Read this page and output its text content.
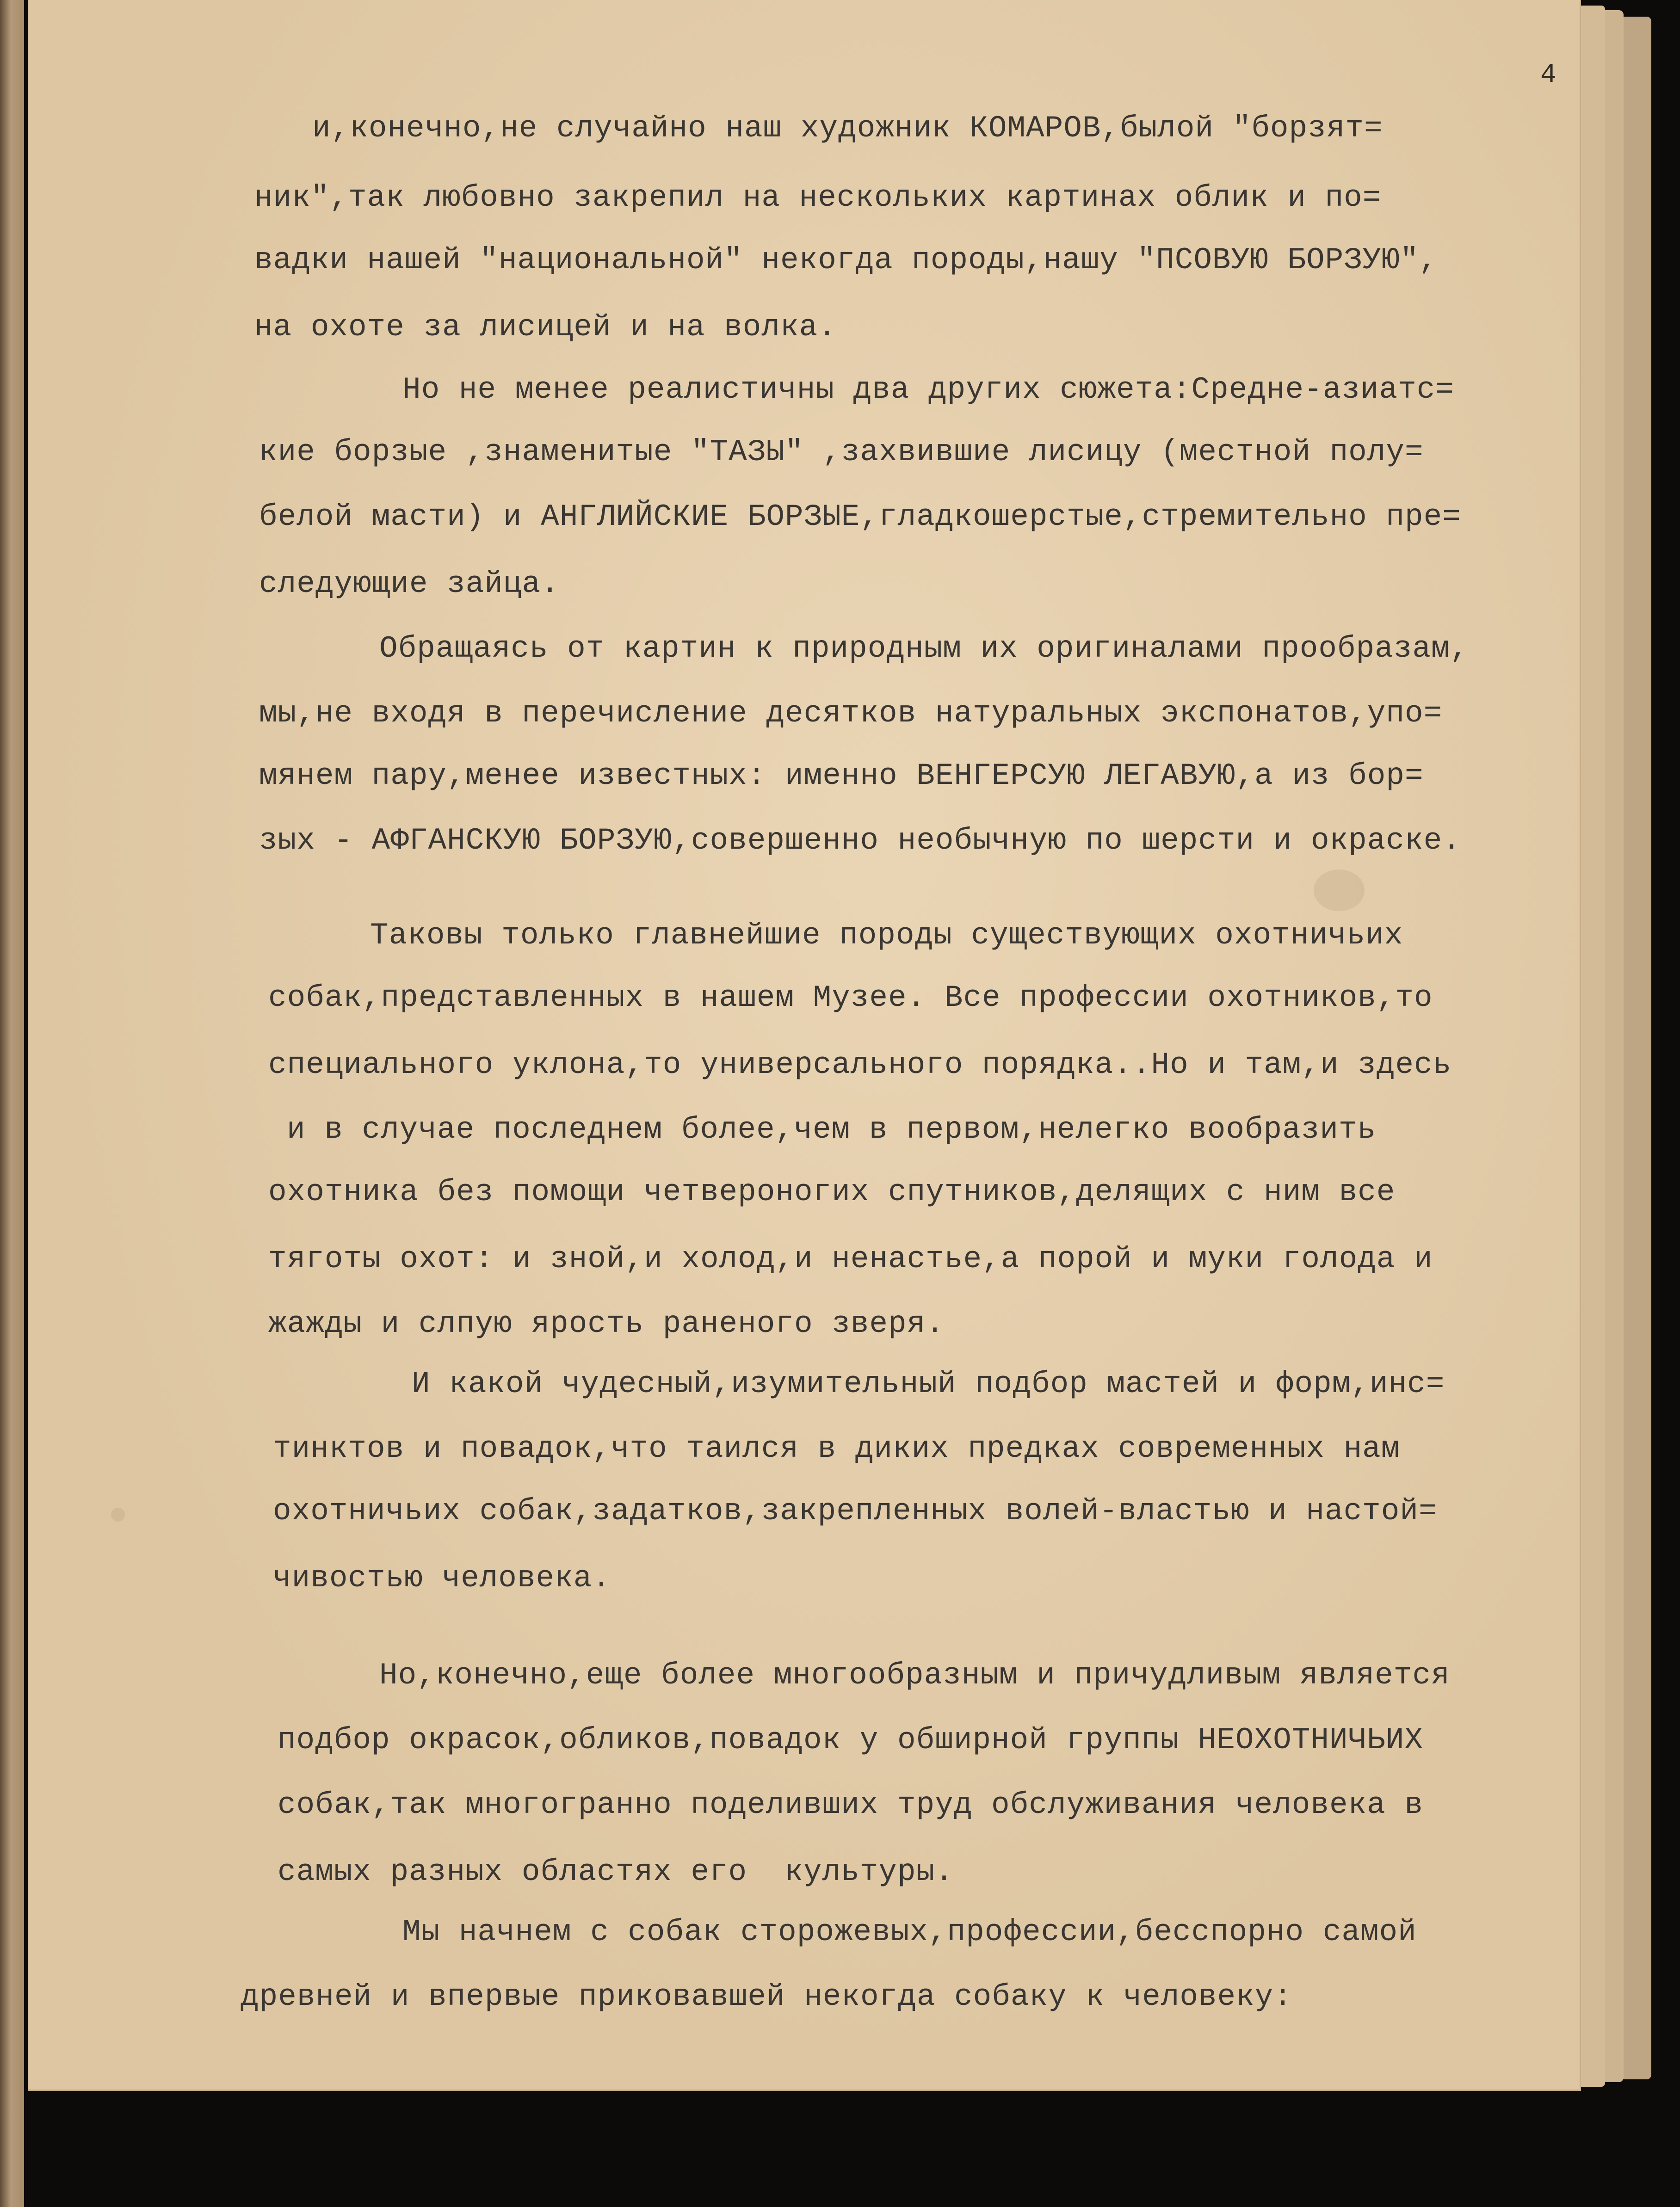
4

и,конечно,не случайно наш художник КОМАРОВ,былой "борзят=

ник",так любовно закрепил на нескольких картинах облик и по=

вадки нашей "национальной" некогда породы,нашу "ПСОВУЮ БОРЗУЮ",

на охоте за лисицей и на волка.

Но не менее реалистичны два других сюжета:Средне-азиатс=

кие борзые ,знаменитые "ТАЗЫ" ,захвившие лисицу (местной полу=

белой масти) и АНГЛИЙСКИЕ БОРЗЫЕ,гладкошерстые,стремительно пре=

следующие зайца.

Обращаясь от картин к природным их оригиналами прообразам,

мы,не входя в перечисление десятков натуральных экспонатов,упо=

мянем пару,менее известных: именно ВЕНГЕРСУЮ ЛЕГАВУЮ,а из бор=

зых - АФГАНСКУЮ БОРЗУЮ,совершенно необычную по шерсти и окраске.

Таковы только главнейшие породы существующих охотничьих

собак,представленных в нашем Музее. Все профессии охотников,то

специального уклона,то универсального порядка..Но и там,и здесь

и в случае последнем более,чем в первом,нелегко вообразить

охотника без помощи четвероногих спутников,делящих с ним все

тяготы охот: и зной,и холод,и ненастье,а порой и муки голода и

жажды и слпую ярость раненого зверя.

И какой чудесный,изумительный подбор мастей и форм,инс=

тинктов и повадок,что таился в диких предках современных нам

охотничьих собак,задатков,закрепленных волей-властью и настой=

чивостью человека.

Но,конечно,еще более многообразным и причудливым является

подбор окрасок,обликов,повадок у обширной группы НЕОХОТНИЧЬИХ

собак,так многогранно поделивших труд обслуживания человека в

самых разных областях его  культуры.

Мы начнем с собак сторожевых,профессии,бесспорно самой

древней и впервые приковавшей некогда собаку к человеку:
